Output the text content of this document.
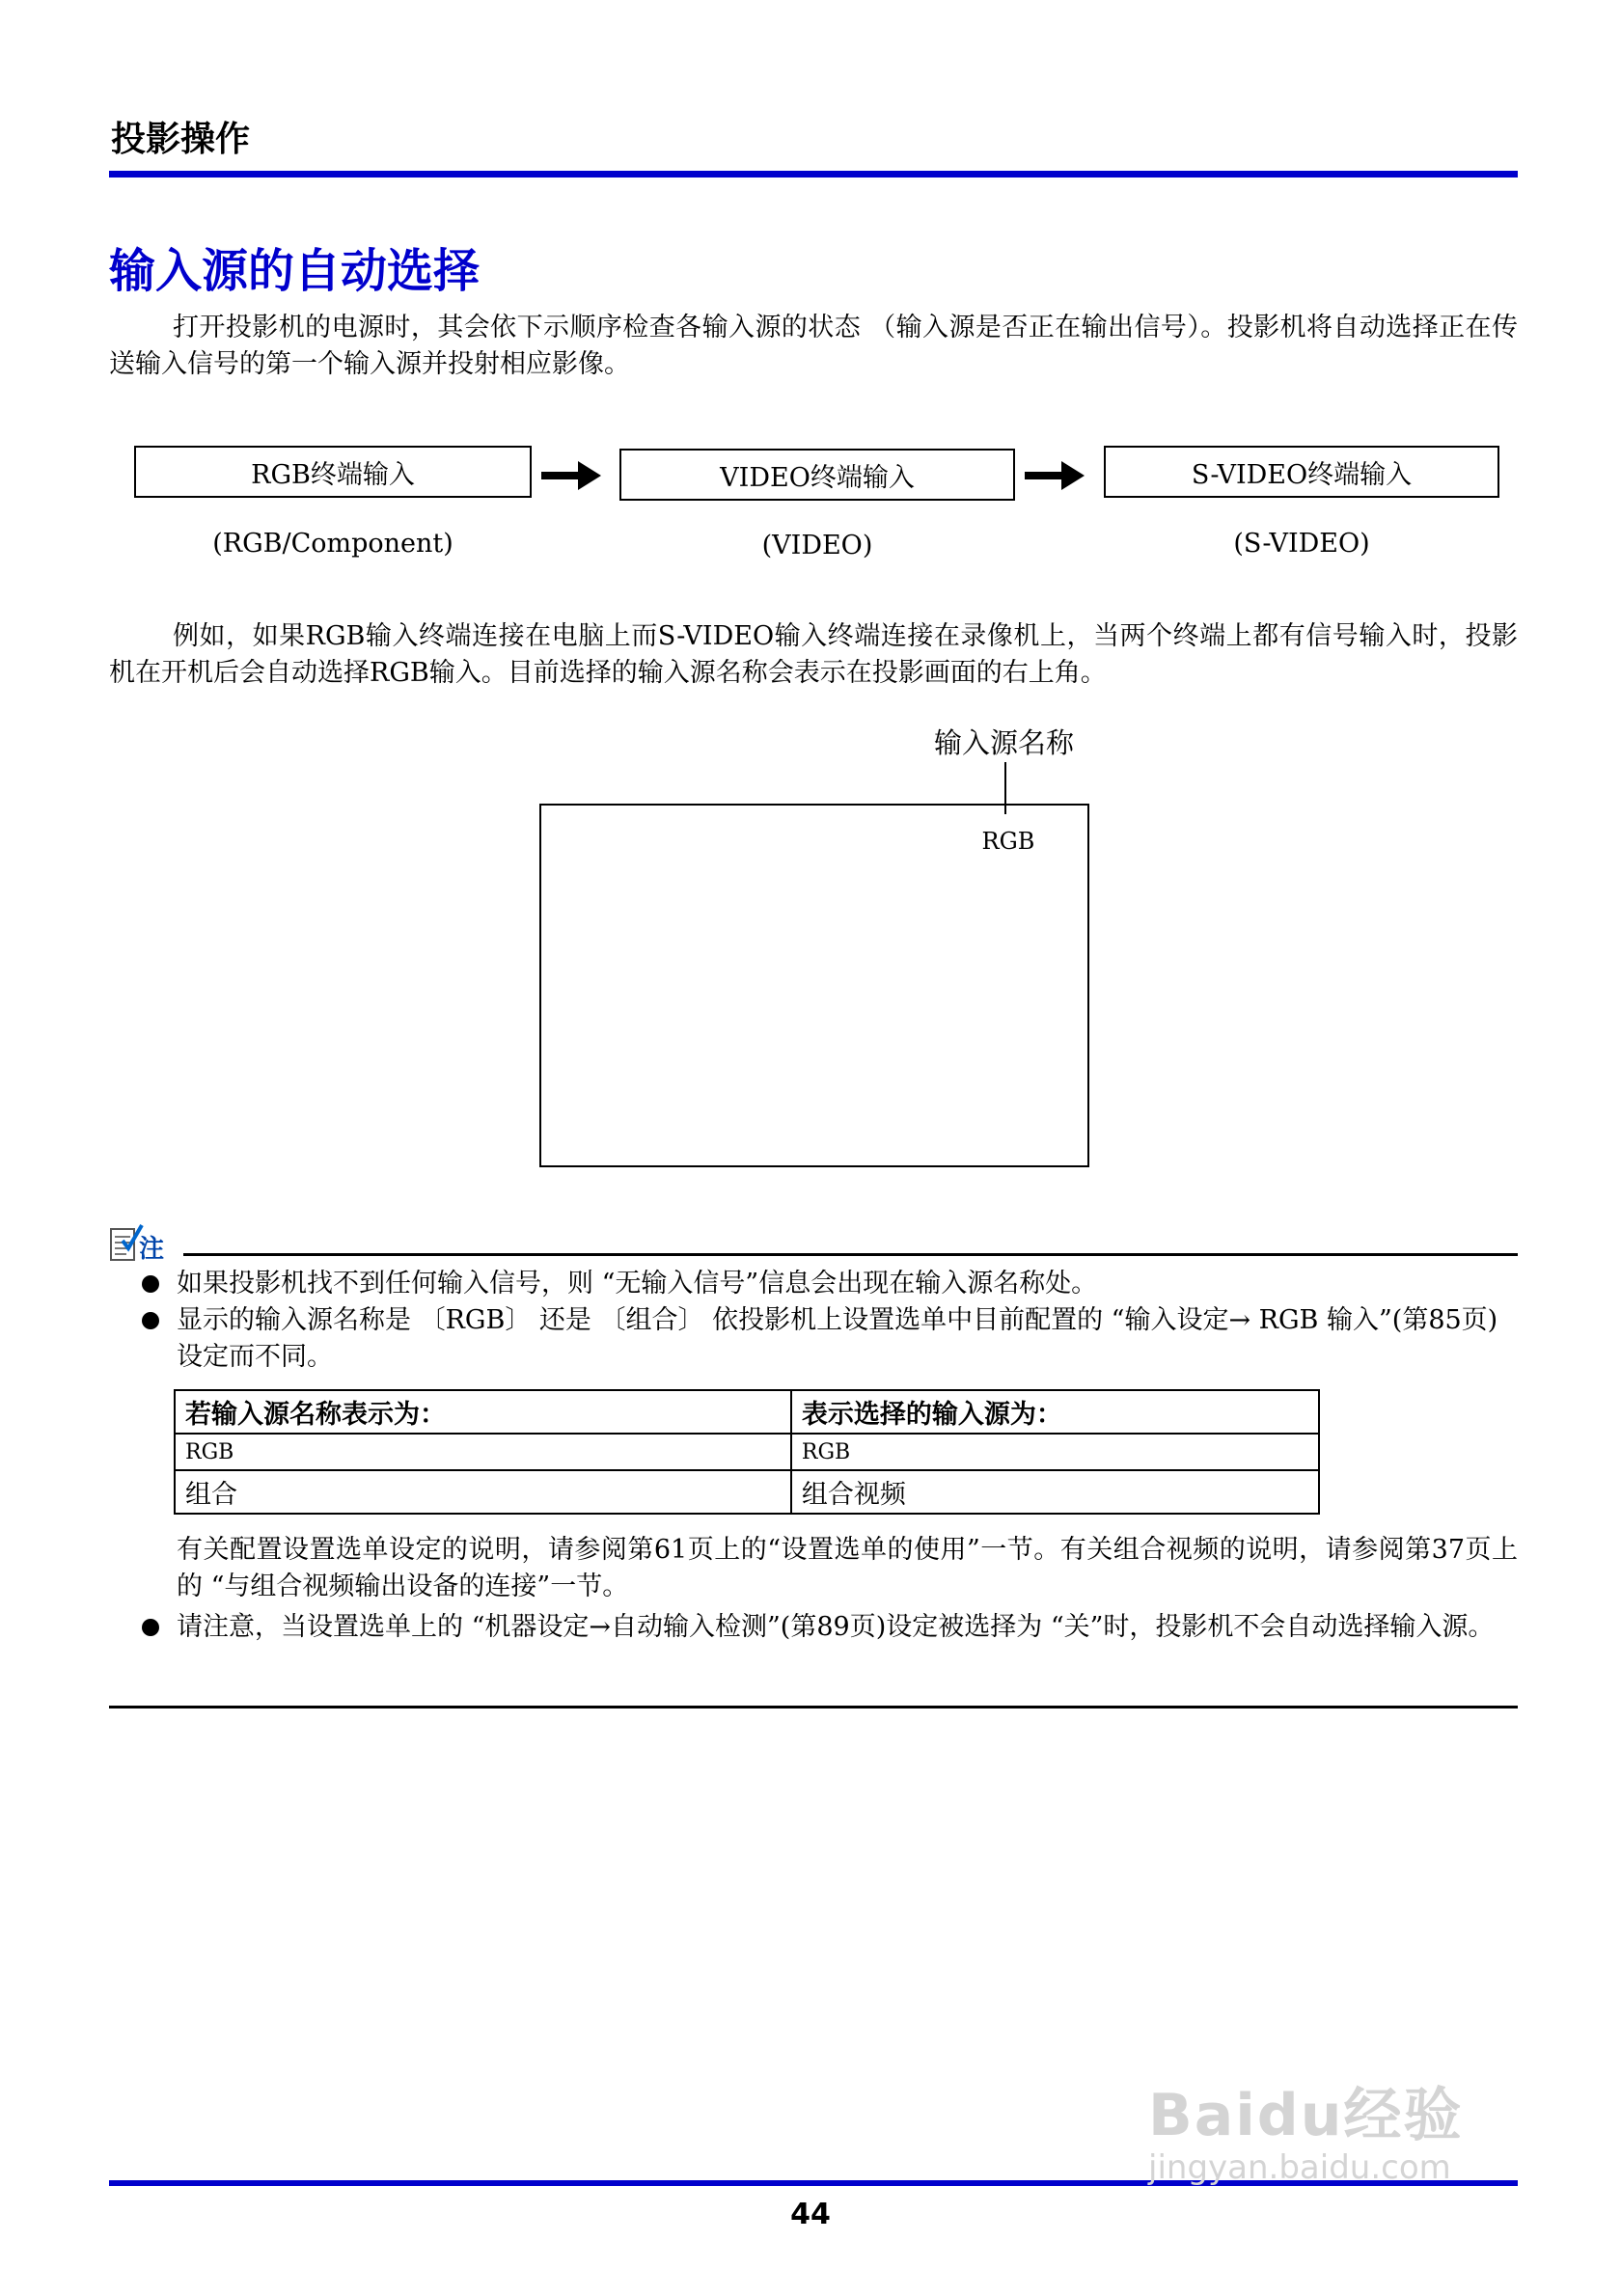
投影操作
输入源的自动选择
打开投影机的电源时，其会依下示顺序检查各输入源的状态 （输入源是否正在输出信号）。投影机将自动选择正在传送输入信号的第一个输入源并投射相应影像。
RGB终端输入	VIDEO终端输入	S-VIDEO终端输入
(RGB/Component)	(VIDEO)	(S-VIDEO)
例如，如果RGB输入终端连接在电脑上而S-VIDEO输入终端连接在录像机上，当两个终端上都有信号输入时，投影机在开机后会自动选择RGB输入。目前选择的输入源名称会表示在投影画面的右上角。
输入源名称
RGB
注
如果投影机找不到任何输入信号，则 “无输入信号”信息会出现在输入源名称处。
显示的输入源名称是 〔RGB〕 还是 〔组合〕 依投影机上设置选单中目前配置的 “输入设定→ RGB 输入”(第85页)设定而不同。
若输入源名称表示为：	表示选择的输入源为：
RGB	RGB
组合	组合视频
有关配置设置选单设定的说明，请参阅第61页上的“设置选单的使用”一节。有关组合视频的说明，请参阅第37页上的 “与组合视频输出设备的连接”一节。
请注意，当设置选单上的 “机器设定→自动输入检测”(第89页)设定被选择为 “关”时，投影机不会自动选择输入源。
44
Baidu经验
jingyan.baidu.com
